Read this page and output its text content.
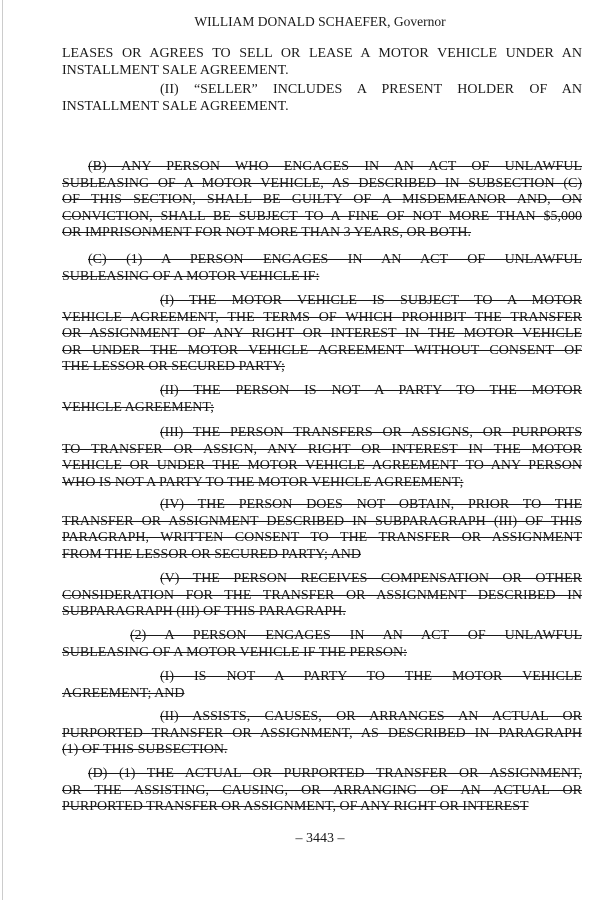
WILLIAM DONALD SCHAEFER, Governor
LEASES OR AGREES TO SELL OR LEASE A MOTOR VEHICLE UNDER AN
INSTALLMENT SALE AGREEMENT.
(II) “SELLER” INCLUDES A PRESENT HOLDER OF AN
INSTALLMENT SALE AGREEMENT.
(B) ANY PERSON WHO ENGAGES IN AN ACT OF UNLAWFUL
SUBLEASING OF A MOTOR VEHICLE, AS DESCRIBED IN SUBSECTION (C)
OF THIS SECTION, SHALL BE GUILTY OF A MISDEMEANOR AND, ON
CONVICTION, SHALL BE SUBJECT TO A FINE OF NOT MORE THAN $5,000
OR IMPRISONMENT FOR NOT MORE THAN 3 YEARS, OR BOTH.
(C) (1) A PERSON ENGAGES IN AN ACT OF UNLAWFUL
SUBLEASING OF A MOTOR VEHICLE IF:
(I) THE MOTOR VEHICLE IS SUBJECT TO A MOTOR
VEHICLE AGREEMENT, THE TERMS OF WHICH PROHIBIT THE TRANSFER
OR ASSIGNMENT OF ANY RIGHT OR INTEREST IN THE MOTOR VEHICLE
OR UNDER THE MOTOR VEHICLE AGREEMENT WITHOUT CONSENT OF
THE LESSOR OR SECURED PARTY;
(II) THE PERSON IS NOT A PARTY TO THE MOTOR
VEHICLE AGREEMENT;
(III) THE PERSON TRANSFERS OR ASSIGNS, OR PURPORTS
TO TRANSFER OR ASSIGN, ANY RIGHT OR INTEREST IN THE MOTOR
VEHICLE OR UNDER THE MOTOR VEHICLE AGREEMENT TO ANY PERSON
WHO IS NOT A PARTY TO THE MOTOR VEHICLE AGREEMENT;
(IV) THE PERSON DOES NOT OBTAIN, PRIOR TO THE
TRANSFER OR ASSIGNMENT DESCRIBED IN SUBPARAGRAPH (III) OF THIS
PARAGRAPH, WRITTEN CONSENT TO THE TRANSFER OR ASSIGNMENT
FROM THE LESSOR OR SECURED PARTY; AND
(V) THE PERSON RECEIVES COMPENSATION OR OTHER
CONSIDERATION FOR THE TRANSFER OR ASSIGNMENT DESCRIBED IN
SUBPARAGRAPH (III) OF THIS PARAGRAPH.
(2) A PERSON ENGAGES IN AN ACT OF UNLAWFUL
SUBLEASING OF A MOTOR VEHICLE IF THE PERSON:
(I) IS NOT A PARTY TO THE MOTOR VEHICLE
AGREEMENT; AND
(II) ASSISTS, CAUSES, OR ARRANGES AN ACTUAL OR
PURPORTED TRANSFER OR ASSIGNMENT, AS DESCRIBED IN PARAGRAPH
(1) OF THIS SUBSECTION.
(D) (1) THE ACTUAL OR PURPORTED TRANSFER OR ASSIGNMENT,
OR THE ASSISTING, CAUSING, OR ARRANGING OF AN ACTUAL OR
PURPORTED TRANSFER OR ASSIGNMENT, OF ANY RIGHT OR INTEREST
– 3443 –
